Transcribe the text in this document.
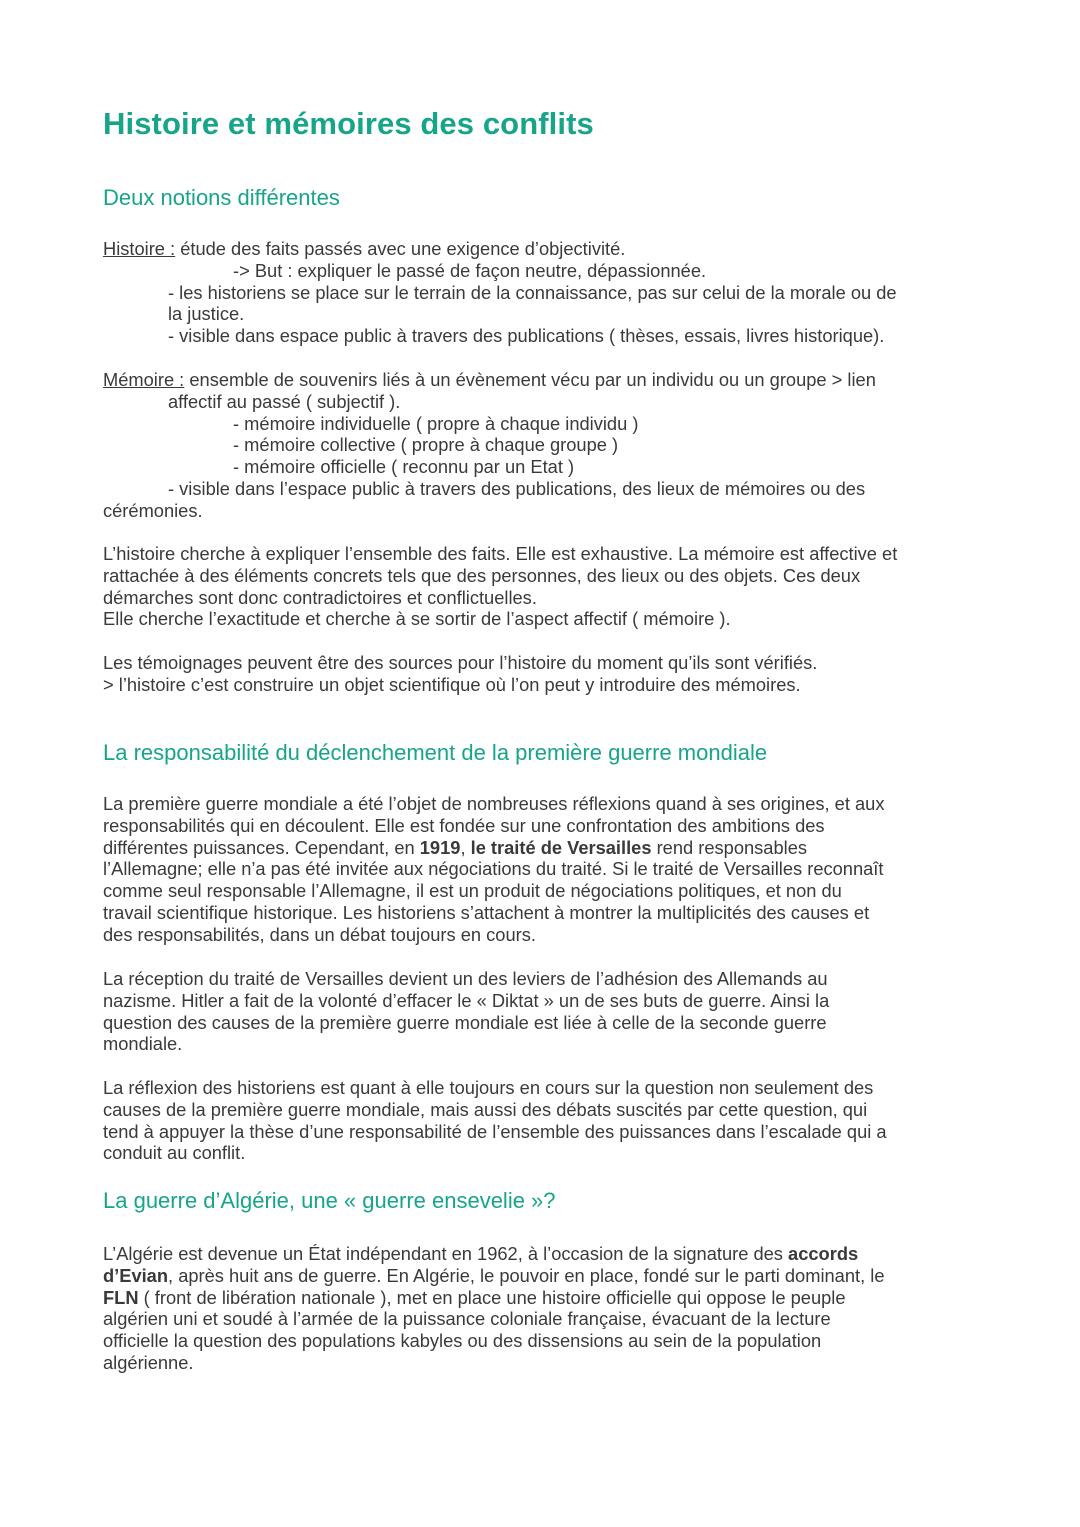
Histoire et mémoires des conflits
Deux notions différentes
Histoire : étude des faits passés avec une exigence d’objectivité.
-> But : expliquer le passé de façon neutre, dépassionnée.
- les historiens se place sur le terrain de la connaissance, pas sur celui de la morale ou de
la justice.
- visible dans espace public à travers des publications ( thèses, essais, livres historique).
Mémoire : ensemble de souvenirs liés à un évènement vécu par un individu ou un groupe > lien
affectif au passé ( subjectif ).
- mémoire individuelle ( propre à chaque individu )
- mémoire collective ( propre à chaque groupe )
- mémoire officielle ( reconnu par un Etat )
- visible dans l’espace public à travers des publications, des lieux de mémoires ou des
cérémonies.
L’histoire cherche à expliquer l’ensemble des faits. Elle est exhaustive. La mémoire est affective et
rattachée à des éléments concrets tels que des personnes, des lieux ou des objets. Ces deux
démarches sont donc contradictoires et conflictuelles.
Elle cherche l’exactitude et cherche à se sortir de l’aspect affectif ( mémoire ).
Les témoignages peuvent être des sources pour l’histoire du moment qu’ils sont vérifiés.
> l’histoire c’est construire un objet scientifique où l’on peut y introduire des mémoires.
La responsabilité du déclenchement de la première guerre mondiale
La première guerre mondiale a été l’objet de nombreuses réflexions quand à ses origines, et aux
responsabilités qui en découlent. Elle est fondée sur une confrontation des ambitions des
différentes puissances. Cependant, en 1919, le traité de Versailles rend responsables
l’Allemagne; elle n’a pas été invitée aux négociations du traité. Si le traité de Versailles reconnaît
comme seul responsable l’Allemagne, il est un produit de négociations politiques, et non du
travail scientifique historique. Les historiens s’attachent à montrer la multiplicités des causes et
des responsabilités, dans un débat toujours en cours.
La réception du traité de Versailles devient un des leviers de l’adhésion des Allemands au
nazisme. Hitler a fait de la volonté d’effacer le « Diktat » un de ses buts de guerre. Ainsi la
question des causes de la première guerre mondiale est liée à celle de la seconde guerre
mondiale.
La réflexion des historiens est quant à elle toujours en cours sur la question non seulement des
causes de la première guerre mondiale, mais aussi des débats suscités par cette question, qui
tend à appuyer la thèse d’une responsabilité de l’ensemble des puissances dans l’escalade qui a
conduit au conflit.
La guerre d’Algérie, une « guerre ensevelie »?
L’Algérie est devenue un État indépendant en 1962, à l’occasion de la signature des accords
d’Evian, après huit ans de guerre. En Algérie, le pouvoir en place, fondé sur le parti dominant, le
FLN ( front de libération nationale ), met en place une histoire officielle qui oppose le peuple
algérien uni et soudé à l’armée de la puissance coloniale française, évacuant de la lecture
officielle la question des populations kabyles ou des dissensions au sein de la population
algérienne.
